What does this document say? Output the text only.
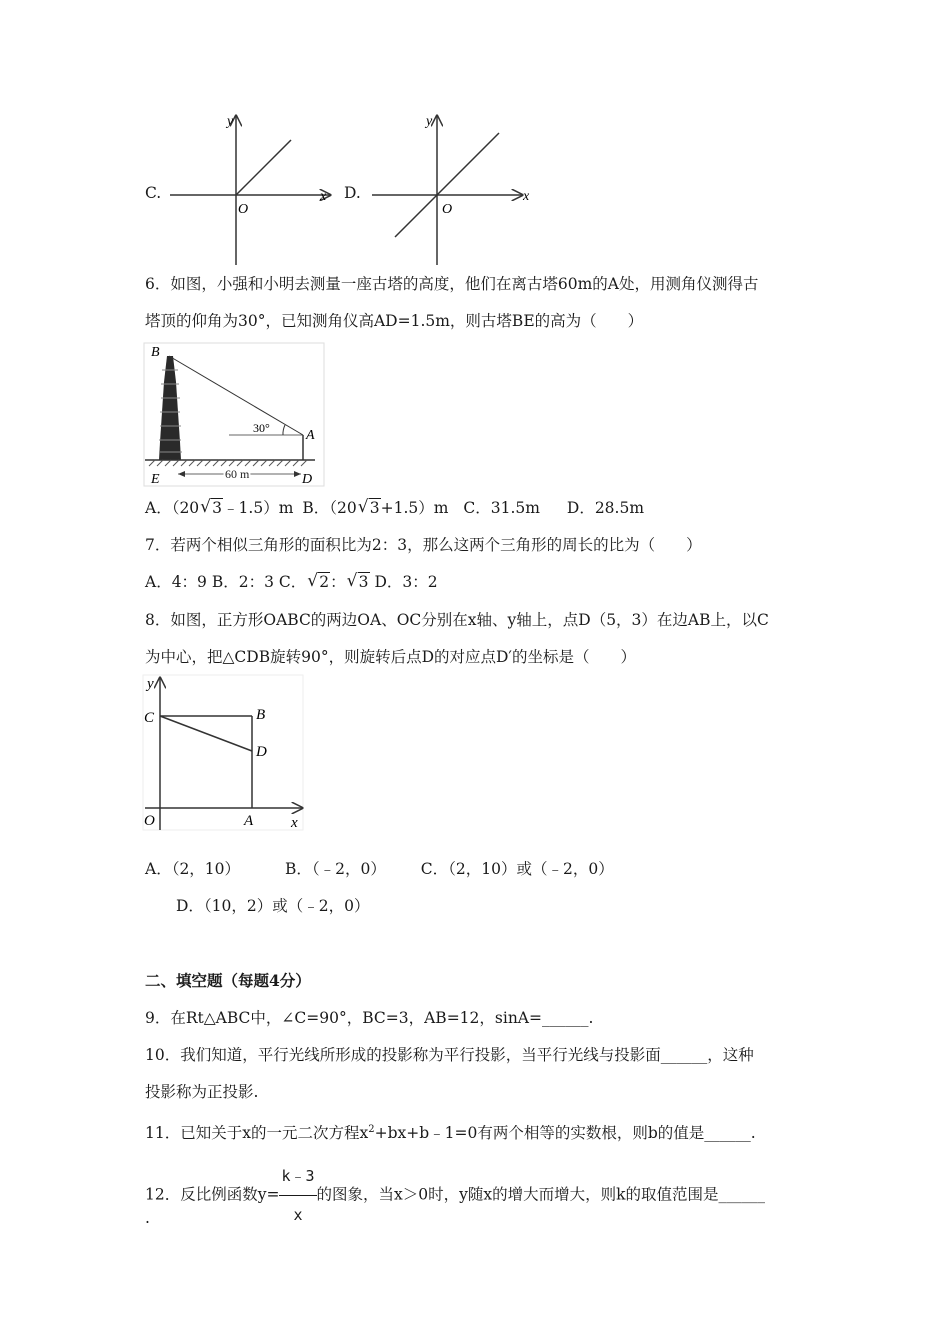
C.
y
x
O
D.
y
x
O
6．如图，小强和小明去测量一座古塔的高度，他们在离古塔60m的A处，用测角仪测得古
塔顶的仰角为30°，已知测角仪高AD=1.5m，则古塔BE的高为（　　）
B
A
E	D
30°
60 m
A．（20 √ 3﹣1.5）m B．（20 √ 3+1.5）m C．31.5m D．28.5m
7．若两个相似三角形的面积比为2：3，那么这两个三角形的周长的比为（　　）
A．4：9 B．2：3 C． √ 2： √ 3 D．3：2
8．如图，正方形OABC的两边OA、OC分别在x轴、y轴上，点D（5，3）在边AB上，以C
为中心，把△CDB旋转90°，则旋转后点D的对应点D′的坐标是（　　）
y
x
C	B
D
O	A
A．（2，10）	B．（﹣2，0） C．（2，10）或（﹣2，0）
D．（10，2）或（﹣2，0）
二、填空题（每题4分）
9．在Rt△ABC中，∠C=90°，BC=3，AB=12，sinA=______.
10．我们知道，平行光线所形成的投影称为平行投影，当平行光线与投影面______，这种
投影称为正投影.
11．已知关于x的一元二次方程$x^2+bx+b﹣1=0$有两个相等的实数根，则b的值是______.
12．反比例函数$y= \frac{k﹣3}{x}$ 的图象，当x＞0时，y随x的增大而增大，则k的取值范围是______
.
